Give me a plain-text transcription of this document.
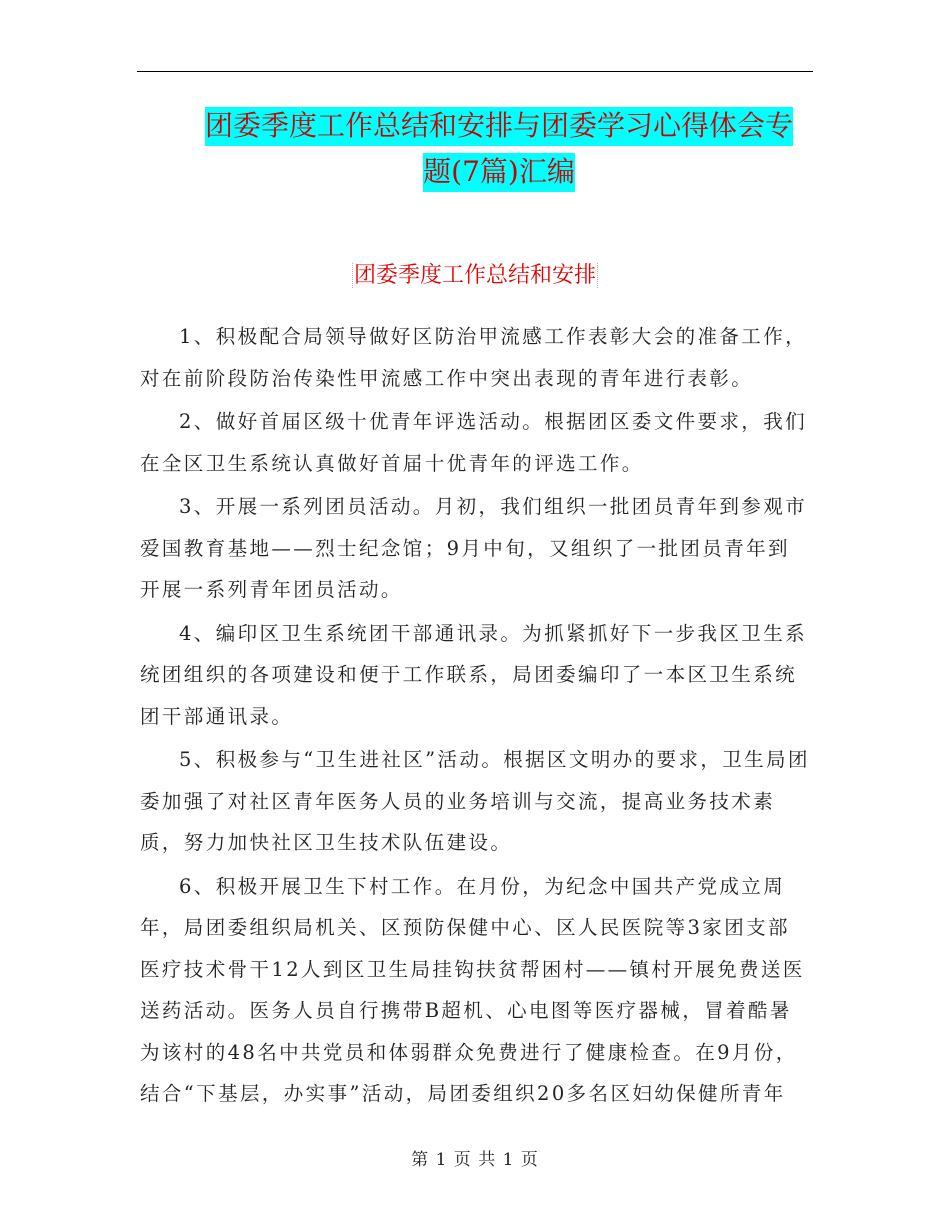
团委季度工作总结和安排与团委学习心得体会专题(7篇)汇编
团委季度工作总结和安排

1、积极配合局领导做好区防治甲流感工作表彰大会的准备工作，对在前阶段防治传染性甲流感工作中突出表现的青年进行表彰。

2、做好首届区级十优青年评选活动。根据团区委文件要求，我们在全区卫生系统认真做好首届十优青年的评选工作。

3、开展一系列团员活动。月初，我们组织一批团员青年到参观市爱国教育基地——烈士纪念馆；9月中旬，又组织了一批团员青年到开展一系列青年团员活动。

4、编印区卫生系统团干部通讯录。为抓紧抓好下一步我区卫生系统团组织的各项建设和便于工作联系，局团委编印了一本区卫生系统团干部通讯录。

5、积极参与“卫生进社区”活动。根据区文明办的要求，卫生局团委加强了对社区青年医务人员的业务培训与交流，提高业务技术素质，努力加快社区卫生技术队伍建设。

6、积极开展卫生下村工作。在月份，为纪念中国共产党成立周年，局团委组织局机关、区预防保健中心、区人民医院等3家团支部医疗技术骨干12人到区卫生局挂钩扶贫帮困村——镇村开展免费送医送药活动。医务人员自行携带B超机、心电图等医疗器械，冒着酷暑为该村的48名中共党员和体弱群众免费进行了健康检查。在9月份，结合“下基层，办实事”活动，局团委组织20多名区妇幼保健所青年

第 1 页 共 1 页
